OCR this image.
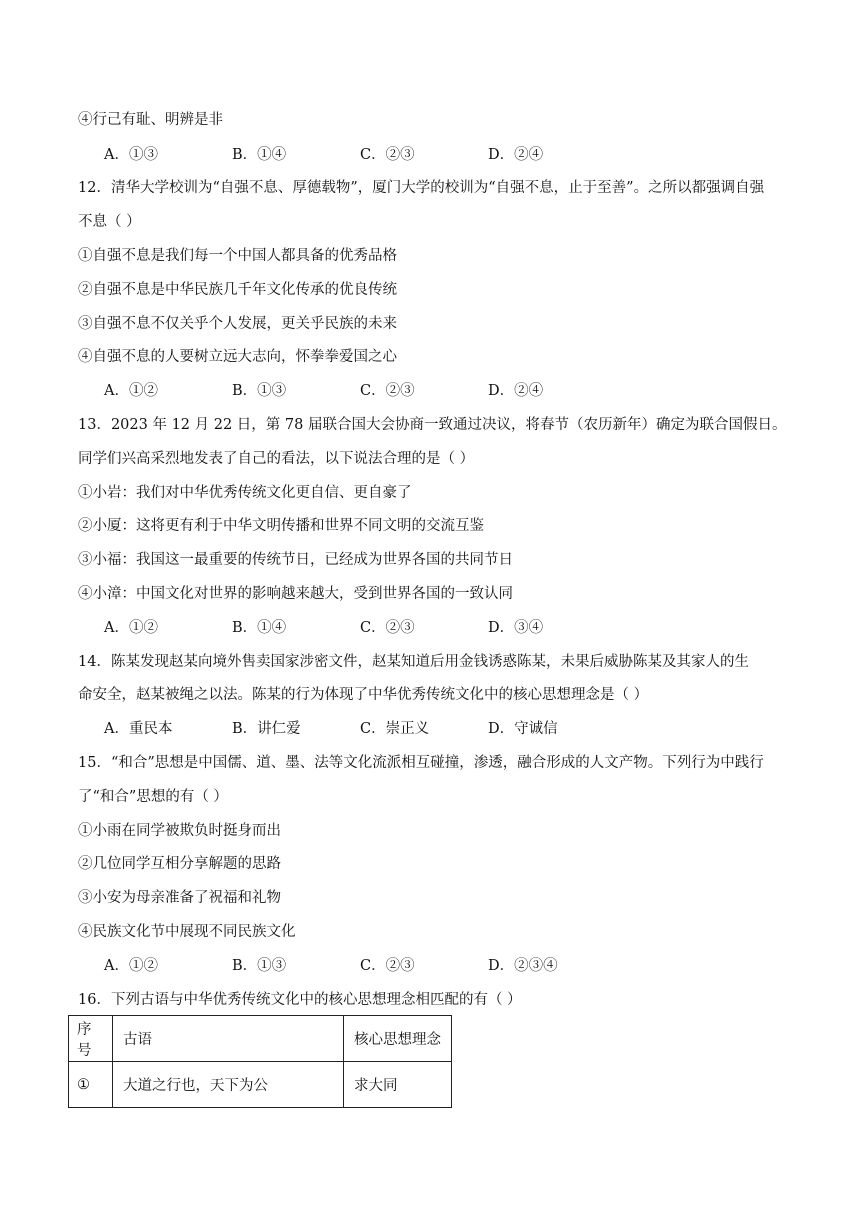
④行己有耻、明辨是非
A．①③	B．①④	C．②③	D．②④
12．清华大学校训为“自强不息、厚德载物”，厦门大学的校训为“自强不息，止于至善”。之所以都强调自强
不息（ ）
①自强不息是我们每一个中国人都具备的优秀品格
②自强不息是中华民族几千年文化传承的优良传统
③自强不息不仅关乎个人发展，更关乎民族的未来
④自强不息的人要树立远大志向，怀拳拳爱国之心
A．①②	B．①③	C．②③	D．②④
13．2023 年 12 月 22 日，第 78 届联合国大会协商一致通过决议，将春节（农历新年）确定为联合国假日。
同学们兴高采烈地发表了自己的看法，以下说法合理的是（ ）
①小岩：我们对中华优秀传统文化更自信、更自豪了
②小厦：这将更有利于中华文明传播和世界不同文明的交流互鉴
③小福：我国这一最重要的传统节日，已经成为世界各国的共同节日
④小漳：中国文化对世界的影响越来越大，受到世界各国的一致认同
A．①②	B．①④	C．②③	D．③④
14．陈某发现赵某向境外售卖国家涉密文件，赵某知道后用金钱诱惑陈某，未果后威胁陈某及其家人的生
命安全，赵某被绳之以法。陈某的行为体现了中华优秀传统文化中的核心思想理念是（ ）
A．重民本	B．讲仁爱	C．崇正义	D．守诚信
15．“和合”思想是中国儒、道、墨、法等文化流派相互碰撞，渗透，融合形成的人文产物。下列行为中践行
了“和合”思想的有（ ）
①小雨在同学被欺负时挺身而出
②几位同学互相分享解题的思路
③小安为母亲准备了祝福和礼物
④民族文化节中展现不同民族文化
A．①②	B．①③	C．②③	D．②③④
16．下列古语与中华优秀传统文化中的核心思想理念相匹配的有（ ）
序号	古语	核心思想理念
①	大道之行也，天下为公	求大同
